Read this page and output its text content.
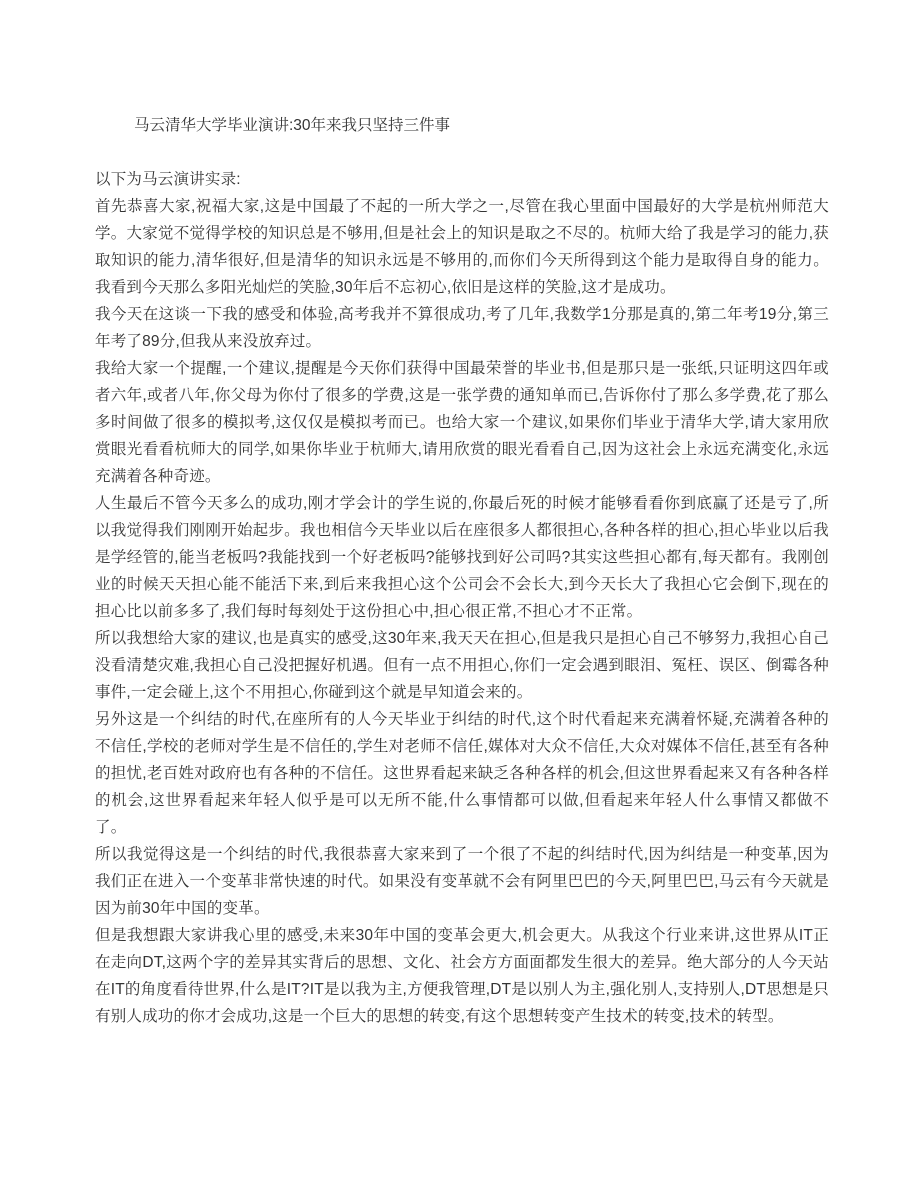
马云清华大学毕业演讲:30年来我只坚持三件事

以下为马云演讲实录:

首先恭喜大家,祝福大家,这是中国最了不起的一所大学之一,尽管在我心里面中国最好的大学是杭州师范大学。大家觉不觉得学校的知识总是不够用,但是社会上的知识是取之不尽的。杭师大给了我是学习的能力,获取知识的能力,清华很好,但是清华的知识永远是不够用的,而你们今天所得到这个能力是取得自身的能力。我看到今天那么多阳光灿烂的笑脸,30年后不忘初心,依旧是这样的笑脸,这才是成功。

我今天在这谈一下我的感受和体验,高考我并不算很成功,考了几年,我数学1分那是真的,第二年考19分,第三年考了89分,但我从来没放弃过。

我给大家一个提醒,一个建议,提醒是今天你们获得中国最荣誉的毕业书,但是那只是一张纸,只证明这四年或者六年,或者八年,你父母为你付了很多的学费,这是一张学费的通知单而已,告诉你付了那么多学费,花了那么多时间做了很多的模拟考,这仅仅是模拟考而已。也给大家一个建议,如果你们毕业于清华大学,请大家用欣赏眼光看看杭师大的同学,如果你毕业于杭师大,请用欣赏的眼光看看自己,因为这社会上永远充满变化,永远充满着各种奇迹。

人生最后不管今天多么的成功,刚才学会计的学生说的,你最后死的时候才能够看看你到底赢了还是亏了,所以我觉得我们刚刚开始起步。我也相信今天毕业以后在座很多人都很担心,各种各样的担心,担心毕业以后我是学经管的,能当老板吗?我能找到一个好老板吗?能够找到好公司吗?其实这些担心都有,每天都有。我刚创业的时候天天担心能不能活下来,到后来我担心这个公司会不会长大,到今天长大了我担心它会倒下,现在的担心比以前多多了,我们每时每刻处于这份担心中,担心很正常,不担心才不正常。

所以我想给大家的建议,也是真实的感受,这30年来,我天天在担心,但是我只是担心自己不够努力,我担心自己没看清楚灾难,我担心自己没把握好机遇。但有一点不用担心,你们一定会遇到眼泪、冤枉、误区、倒霉各种事件,一定会碰上,这个不用担心,你碰到这个就是早知道会来的。

另外这是一个纠结的时代,在座所有的人今天毕业于纠结的时代,这个时代看起来充满着怀疑,充满着各种的不信任,学校的老师对学生是不信任的,学生对老师不信任,媒体对大众不信任,大众对媒体不信任,甚至有各种的担忧,老百姓对政府也有各种的不信任。这世界看起来缺乏各种各样的机会,但这世界看起来又有各种各样的机会,这世界看起来年轻人似乎是可以无所不能,什么事情都可以做,但看起来年轻人什么事情又都做不了。

所以我觉得这是一个纠结的时代,我很恭喜大家来到了一个很了不起的纠结时代,因为纠结是一种变革,因为我们正在进入一个变革非常快速的时代。如果没有变革就不会有阿里巴巴的今天,阿里巴巴,马云有今天就是因为前30年中国的变革。

但是我想跟大家讲我心里的感受,未来30年中国的变革会更大,机会更大。从我这个行业来讲,这世界从IT正在走向DT,这两个字的差异其实背后的思想、文化、社会方方面面都发生很大的差异。绝大部分的人今天站在IT的角度看待世界,什么是IT?IT是以我为主,方便我管理,DT是以别人为主,强化别人,支持别人,DT思想是只有别人成功的你才会成功,这是一个巨大的思想的转变,有这个思想转变产生技术的转变,技术的转型。
